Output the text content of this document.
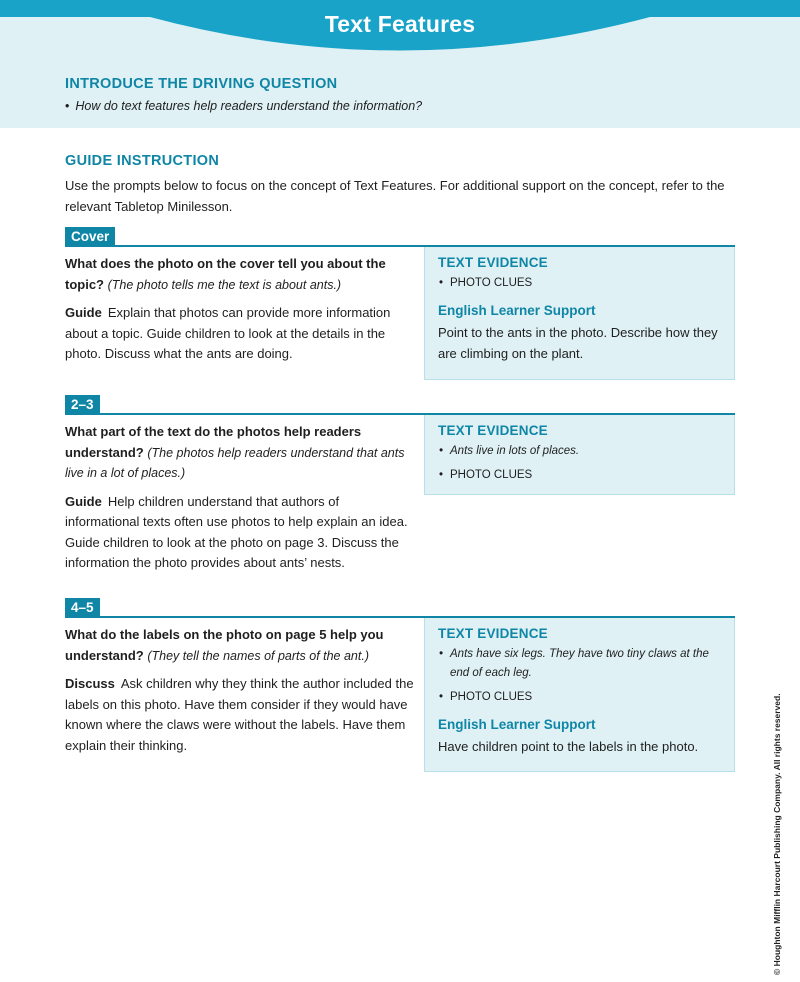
Text Features
INTRODUCE THE DRIVING QUESTION

• How do text features help readers understand the information?

GUIDE INSTRUCTION

Use the prompts below to focus on the concept of Text Features. For additional support on the concept, refer to the relevant Tabletop Minilesson.

Cover

What does the photo on the cover tell you about the topic? (The photo tells me the text is about ants.)

Guide Explain that photos can provide more information about a topic. Guide children to look at the details in the photo. Discuss what the ants are doing.

TEXT EVIDENCE
• PHOTO CLUES
English Learner Support

Point to the ants in the photo. Describe how they are climbing on the plant.

2–3

What part of the text do the photos help readers understand? (The photos help readers understand that ants live in a lot of places.)

Guide Help children understand that authors of informational texts often use photos to help explain an idea. Guide children to look at the photo on page 3. Discuss the information the photo provides about ants’ nests.

TEXT EVIDENCE
• Ants live in lots of places.
• PHOTO CLUES
4–5

What do the labels on the photo on page 5 help you understand? (They tell the names of parts of the ant.)

Discuss Ask children why they think the author included the labels on this photo. Have them consider if they would have known where the claws were without the labels. Have them explain their thinking.

TEXT EVIDENCE
• Ants have six legs. They have two tiny claws at the end of each leg.
• PHOTO CLUES
English Learner Support

Have children point to the labels in the photo.	© Houghton Mifflin Harcourt Publishing Company. All rights reserved.
